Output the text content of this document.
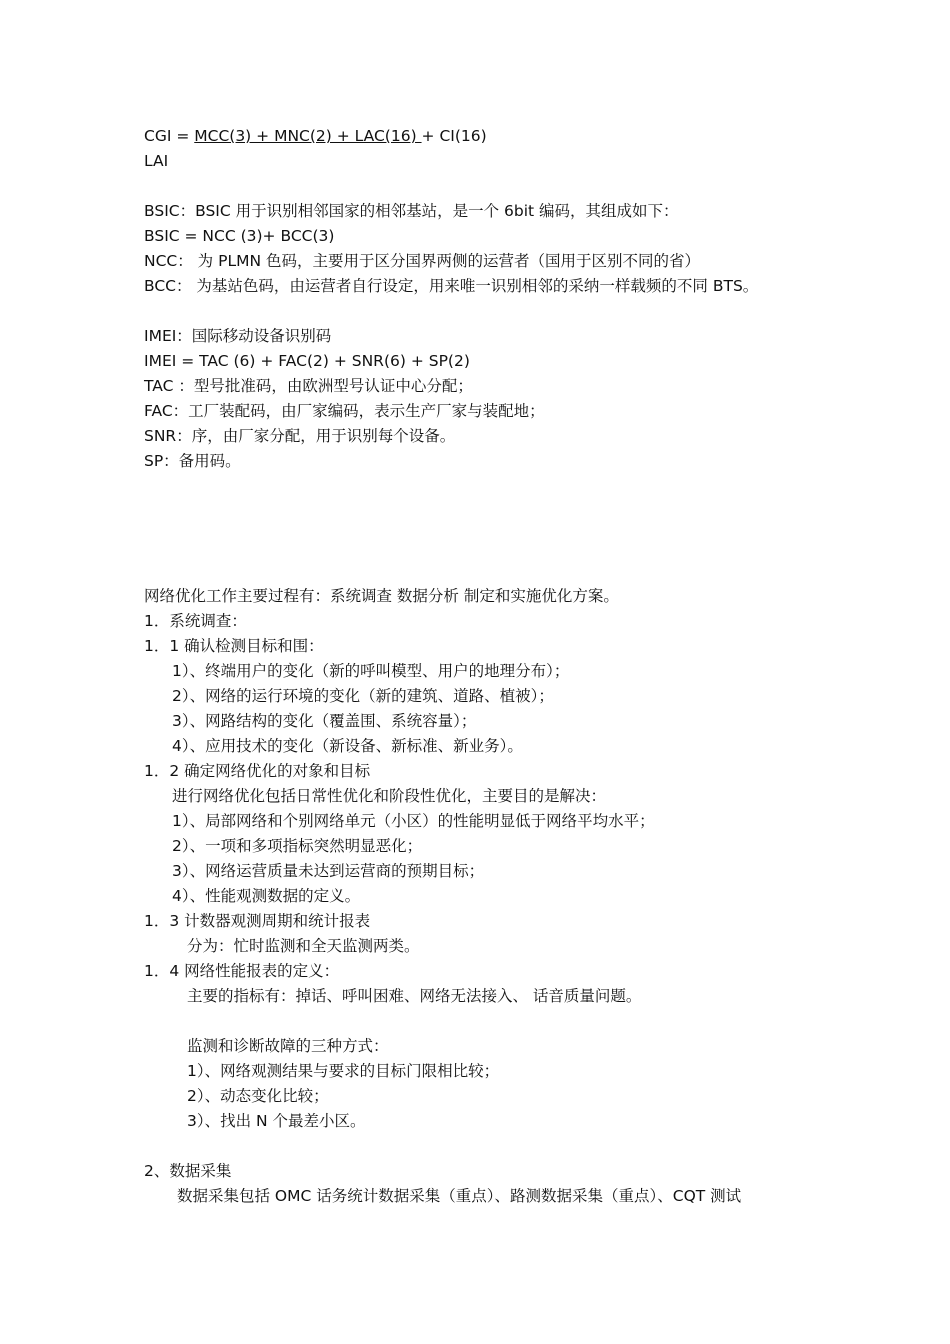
CGI = MCC(3) + MNC(2) + LAC(16) + CI(16)
LAI
BSIC：BSIC 用于识别相邻国家的相邻基站，是一个 6bit 编码，其组成如下：
BSIC = NCC (3)+ BCC(3)
NCC： 为 PLMN 色码，主要用于区分国界两侧的运营者（国用于区别不同的省）
BCC： 为基站色码，由运营者自行设定，用来唯一识别相邻的采纳一样载频的不同 BTS。
IMEI：国际移动设备识别码
IMEI = TAC (6) + FAC(2) + SNR(6) + SP(2)
TAC ：型号批准码，由欧洲型号认证中心分配；
FAC：工厂装配码，由厂家编码，表示生产厂家与装配地；
SNR：序，由厂家分配，用于识别每个设备。
SP：备用码。
网络优化工作主要过程有：系统调查 数据分析 制定和实施优化方案。
1．系统调查：
1．1 确认检测目标和围：
1）、终端用户的变化（新的呼叫模型、用户的地理分布）；
2）、网络的运行环境的变化（新的建筑、道路、植被）；
3）、网路结构的变化（覆盖围、系统容量）；
4）、应用技术的变化（新设备、新标准、新业务）。
1．2 确定网络优化的对象和目标
进行网络优化包括日常性优化和阶段性优化，主要目的是解决：
1）、局部网络和个别网络单元（小区）的性能明显低于网络平均水平；
2）、一项和多项指标突然明显恶化；
3）、网络运营质量未达到运营商的预期目标；
4）、性能观测数据的定义。
1．3 计数器观测周期和统计报表
分为：忙时监测和全天监测两类。
1．4 网络性能报表的定义：
主要的指标有：掉话、呼叫困难、网络无法接入、 话音质量问题。
监测和诊断故障的三种方式：
1）、网络观测结果与要求的目标门限相比较；
2）、动态变化比较；
3）、找出 N 个最差小区。
2、数据采集
数据采集包括 OMC 话务统计数据采集（重点）、路测数据采集（重点）、CQT 测试
